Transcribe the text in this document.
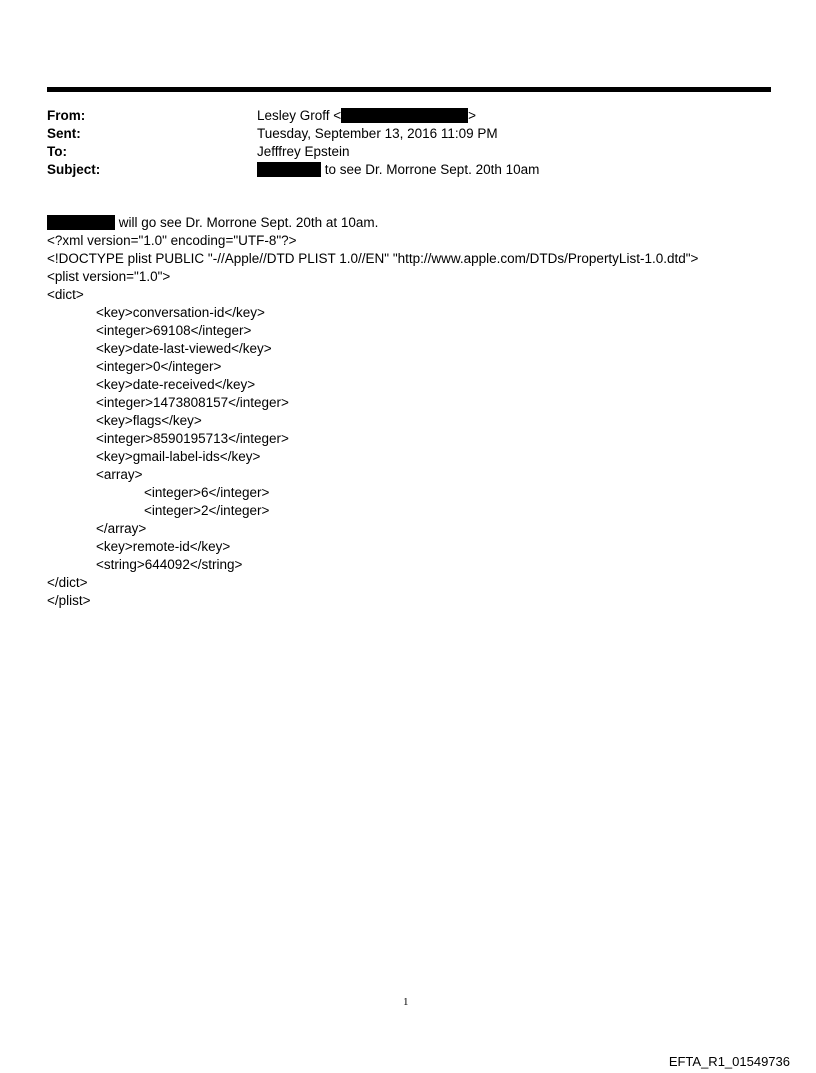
From:	Lesley Groff <	>
Sent:	Tuesday, September 13, 2016 11:09 PM
To:	Jefffrey Epstein
Subject:	to see Dr. Morrone Sept. 20th 10am
will go see Dr. Morrone Sept. 20th at 10am.
<?xml version="1.0" encoding="UTF-8"?>
<!DOCTYPE plist PUBLIC "-//Apple//DTD PLIST 1.0//EN" "http://www.apple.com/DTDs/PropertyList-1.0.dtd">
<plist version="1.0">
<dict>
<key>conversation-id</key>
<integer>69108</integer>
<key>date-last-viewed</key>
<integer>0</integer>
<key>date-received</key>
<integer>1473808157</integer>
<key>flags</key>
<integer>8590195713</integer>
<key>gmail-label-ids</key>
<array>
<integer>6</integer>
<integer>2</integer>
</array>
<key>remote-id</key>
<string>644092</string>
</dict>
</plist>
1
EFTA_R1_01549736
